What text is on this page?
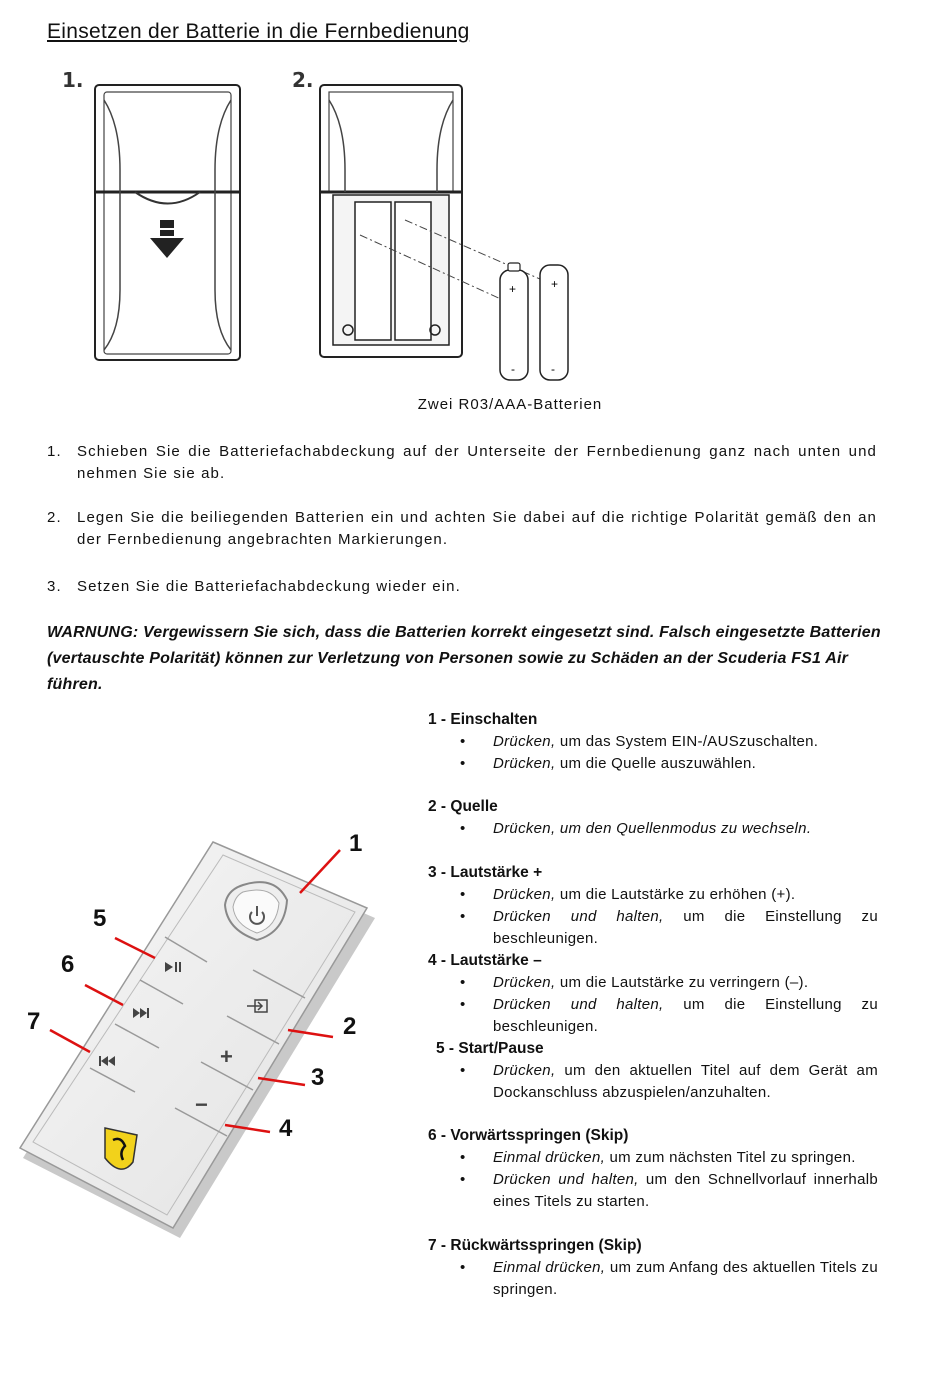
Einsetzen der Batterie in die Fernbedienung
1.	2.
+
-
+
-
Zwei R03/AAA-Batterien
1.	Schieben Sie die Batteriefachabdeckung auf der Unterseite der Fernbedienung ganz nach unten und nehmen Sie sie ab.
2.	Legen Sie die beiliegenden Batterien ein und achten Sie dabei auf die richtige Polarität gemäß den an der Fernbedienung angebrachten Markierungen.
3.	Setzen Sie die Batteriefachabdeckung wieder ein.
WARNUNG: Vergewissern Sie sich, dass die Batterien korrekt eingesetzt sind. Falsch eingesetzte Batterien (vertauschte Polarität) können zur Verletzung von Personen sowie zu Schäden an der Scuderia FS1 Air führen.
+
−
1
2
3
4
5
6
7
1 - Einschalten
• Drücken, um das System EIN-/AUSzuschalten.
• Drücken, um die Quelle auszuwählen.
2 - Quelle
• Drücken, um den Quellenmodus zu wechseln.
3 - Lautstärke +
• Drücken, um die Lautstärke zu erhöhen (+).
• Drücken und halten, um die Einstellung zu beschleunigen.
4 - Lautstärke –
• Drücken, um die Lautstärke zu verringern (–).
• Drücken und halten, um die Einstellung zu beschleunigen.
5 - Start/Pause
• Drücken, um den aktuellen Titel auf dem Gerät am Dockanschluss abzuspielen/anzuhalten.
6 - Vorwärtsspringen (Skip)
• Einmal drücken, um zum nächsten Titel zu springen.
• Drücken und halten, um den Schnellvorlauf innerhalb eines Titels zu starten.
7 - Rückwärtsspringen (Skip)
• Einmal drücken, um zum Anfang des aktuellen Titels zu springen.
